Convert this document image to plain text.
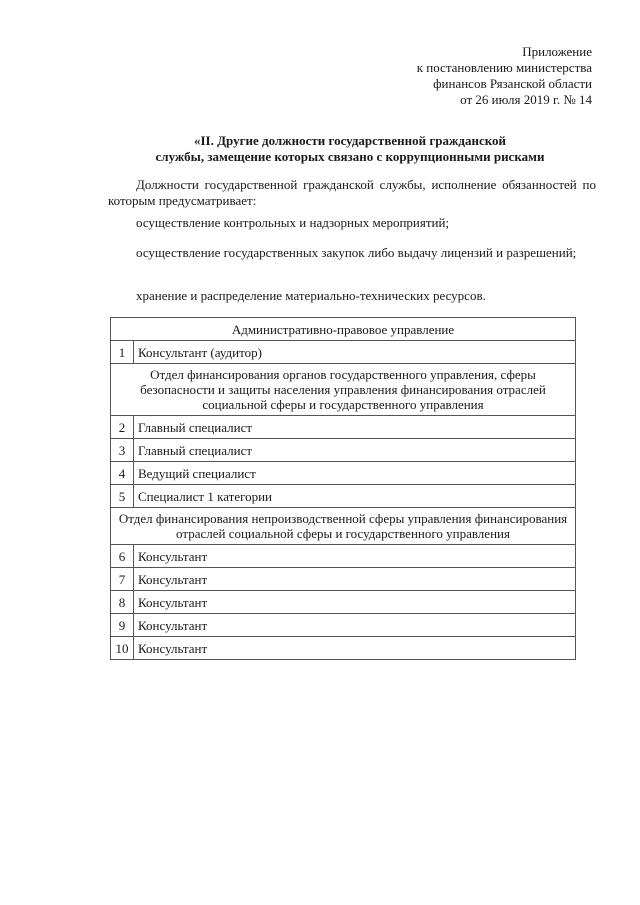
Приложение
к постановлению министерства
финансов Рязанской области
от 26 июля 2019 г. № 14
«II. Другие должности государственной гражданской
службы, замещение которых связано с коррупционными рисками
Должности государственной гражданской службы, исполнение обязанностей по которым предусматривает:
осуществление контрольных и надзорных мероприятий;
осуществление государственных закупок либо выдачу лицензий и разрешений;
хранение и распределение материально-технических ресурсов.
Административно-правовое управление	
1	Консультант (аудитор)
Отдел финансирования органов государственного управления, сферы безопасности и защиты населения управления финансирования отраслей социальной сферы и государственного управления	
2	Главный специалист
3	Главный специалист
4	Ведущий специалист
5	Специалист 1 категории
Отдел финансирования непроизводственной сферы управления финансирования отраслей социальной сферы и государственного управления	
6	Консультант
7	Консультант
8	Консультант
9	Консультант
10	Консультант
